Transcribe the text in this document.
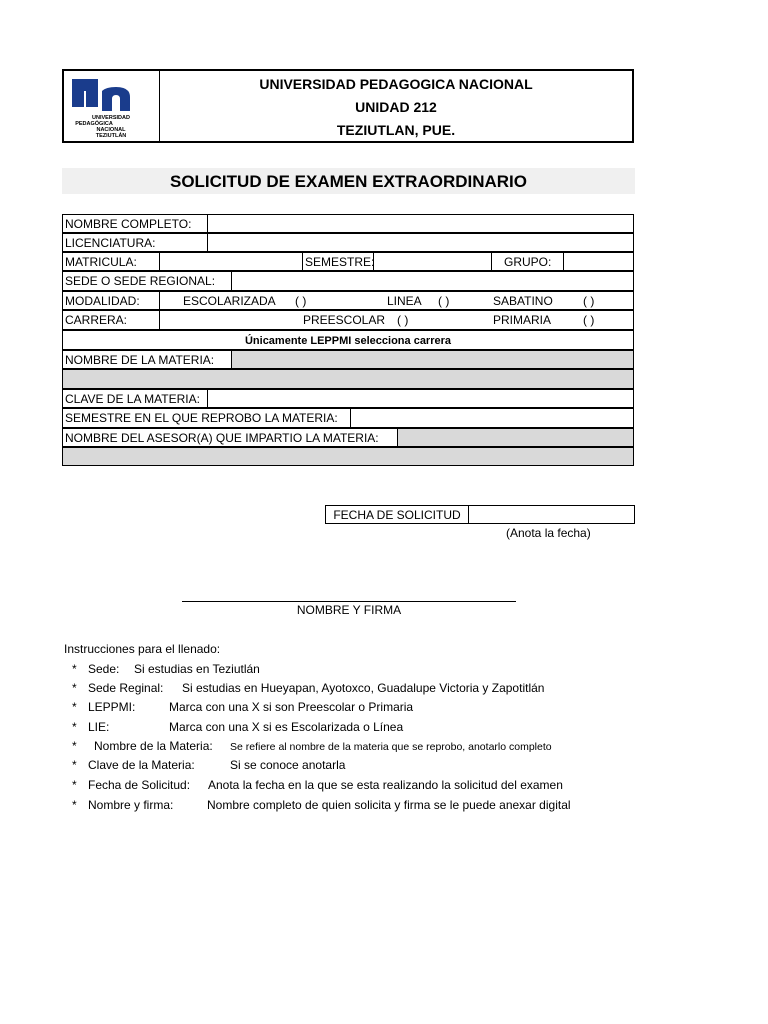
UNIVERSIDAD
PEDAGÓGICA
NACIONAL
TEZIUTLÁN
UNIVERSIDAD PEDAGOGICA NACIONAL
UNIDAD 212
TEZIUTLAN, PUE.
SOLICITUD DE EXAMEN EXTRAORDINARIO
NOMBRE COMPLETO:
LICENCIATURA:
MATRICULA:	SEMESTRE:	GRUPO:
SEDE O SEDE REGIONAL:
MODALIDAD:	ESCOLARIZADA ( )	LINEA ( )	SABATINO	( )
CARRERA:	PREESCOLAR ( )	PRIMARIA	( )
Únicamente LEPPMI selecciona carrera
NOMBRE DE LA MATERIA:
CLAVE DE LA MATERIA:
SEMESTRE EN EL QUE REPROBO LA MATERIA:
NOMBRE DEL ASESOR(A) QUE IMPARTIO LA MATERIA:
FECHA DE SOLICITUD
(Anota la fecha)
NOMBRE Y FIRMA
Instrucciones para el llenado:
* Sede: Si estudias en Teziutlán
* Sede Reginal: Si estudias en Hueyapan, Ayotoxco, Guadalupe Victoria y Zapotitlán
* LEPPMI:	Marca con una X si son Preescolar o Primaria
* LIE:	Marca con una X si es Escolarizada o Línea
* Nombre de la Materia: Se refiere al nombre de la materia que se reprobo, anotarlo completo
* Clave de la Materia:	Si se conoce anotarla
* Fecha de Solicitud: Anota la fecha en la que se esta realizando la solicitud del examen
* Nombre y firma:	Nombre completo de quien solicita y firma se le puede anexar digital
